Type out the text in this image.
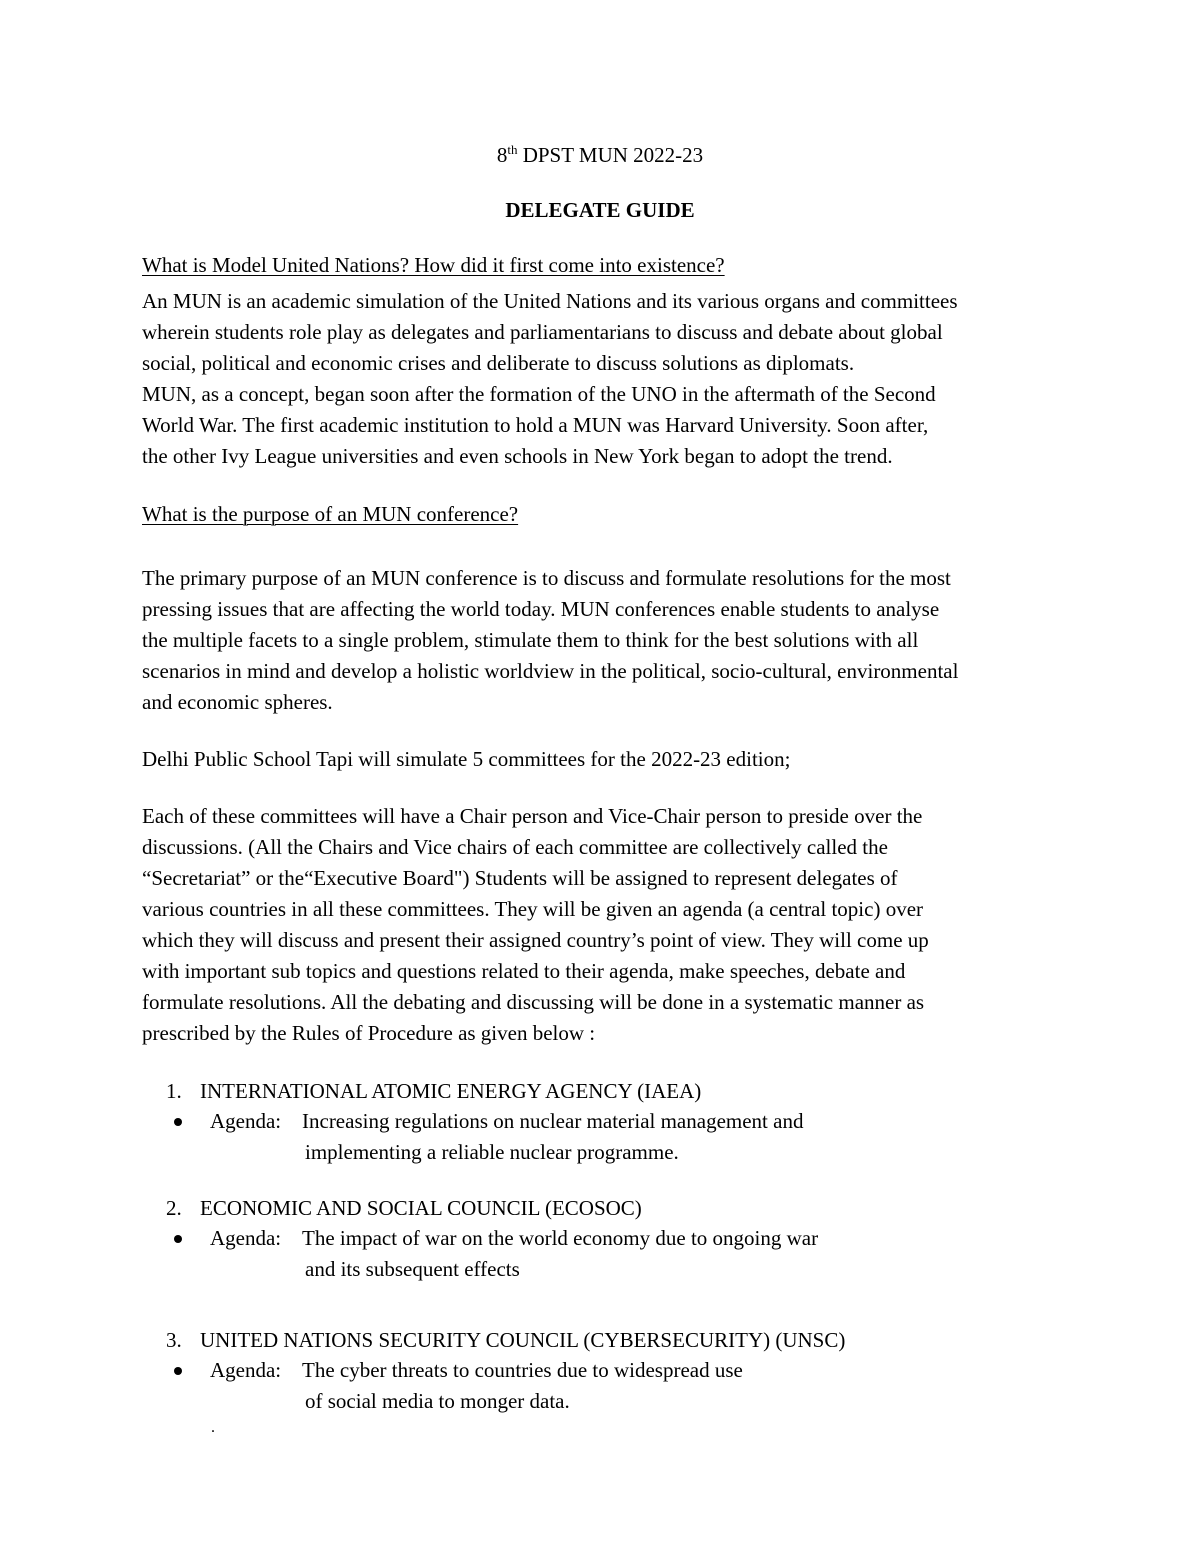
8th DPST MUN 2022-23
DELEGATE GUIDE
What is Model United Nations? How did it first come into existence?
An MUN is an academic simulation of the United Nations and its various organs and committees
wherein students role play as delegates and parliamentarians to discuss and debate about global
social, political and economic crises and deliberate to discuss solutions as diplomats.
MUN, as a concept, began soon after the formation of the UNO in the aftermath of the Second
World War. The first academic institution to hold a MUN was Harvard University. Soon after,
the other Ivy League universities and even schools in New York began to adopt the trend.
What is the purpose of an MUN conference?
The primary purpose of an MUN conference is to discuss and formulate resolutions for the most
pressing issues that are affecting the world today. MUN conferences enable students to analyse
the multiple facets to a single problem, stimulate them to think for the best solutions with all
scenarios in mind and develop a holistic worldview in the political, socio-cultural, environmental
and economic spheres.
Delhi Public School Tapi will simulate 5 committees for the 2022-23 edition;
Each of these committees will have a Chair person and Vice-Chair person to preside over the
discussions. (All the Chairs and Vice chairs of each committee are collectively called the
“Secretariat” or the“Executive Board") Students will be assigned to represent delegates of
various countries in all these committees. They will be given an agenda (a central topic) over
which they will discuss and present their assigned country’s point of view. They will come up
with important sub topics and questions related to their agenda, make speeches, debate and
formulate resolutions. All the debating and discussing will be done in a systematic manner as
prescribed by the Rules of Procedure as given below :
1. INTERNATIONAL ATOMIC ENERGY AGENCY (IAEA)
Agenda: Increasing regulations on nuclear material management and
implementing a reliable nuclear programme.
2. ECONOMIC AND SOCIAL COUNCIL (ECOSOC)
Agenda: The impact of war on the world economy due to ongoing war
and its subsequent effects
3. UNITED NATIONS SECURITY COUNCIL (CYBERSECURITY) (UNSC)
Agenda: The cyber threats to countries due to widespread use
of social media to monger data.
.
